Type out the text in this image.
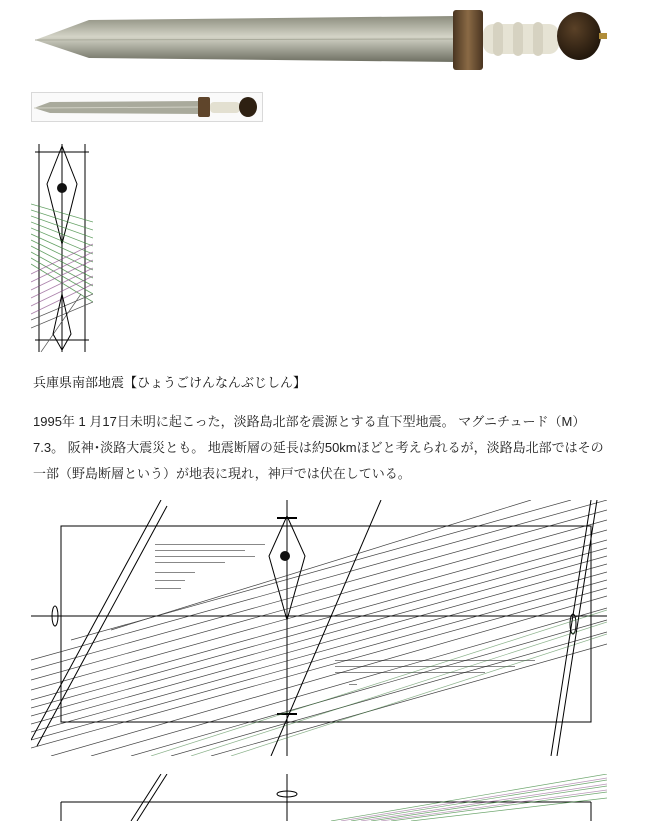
兵庫県南部地震【ひょうごけんなんぶじしん】
1995年 1 月17日未明に起こった，淡路島北部を震源とする直下型地震。 マグニチュード（M）7.3。 阪神･淡路大震災とも。 地震断層の延長は約50kmほどと考えられるが，淡路島北部ではその一部（野島断層という）が地表に現れ，神戸では伏在している。
